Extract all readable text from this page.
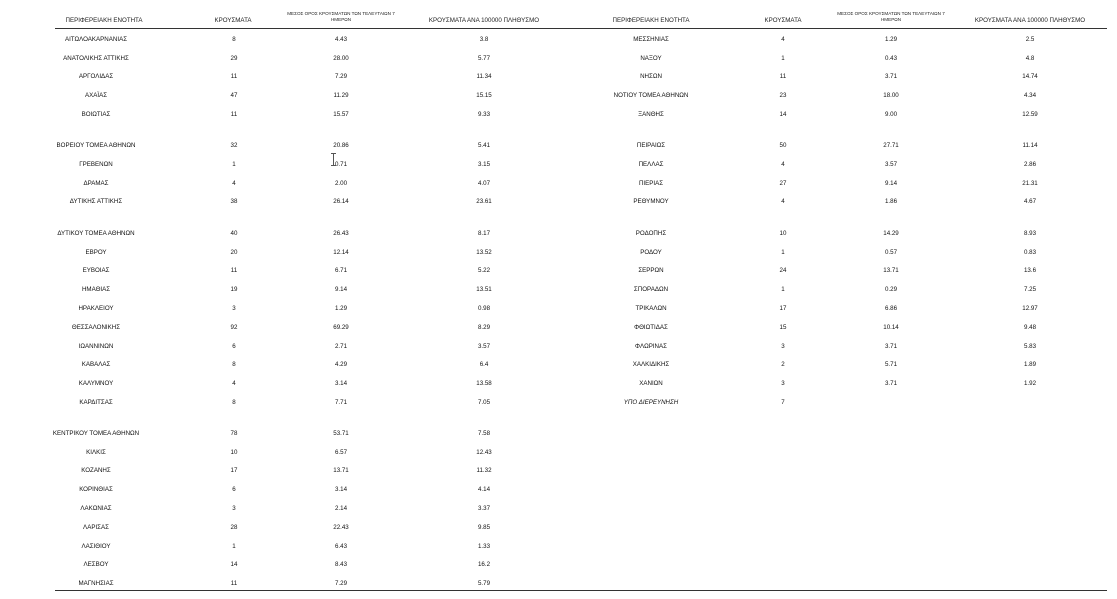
ΠΕΡΙΦΕΡΕΙΑΚΗ ΕΝΟΤΗΤΑ	ΚΡΟΥΣΜΑΤΑ
ΜΕΣΟΣ ΟΡΟΣ ΚΡΟΥΣΜΑΤΩΝ ΤΩΝ ΤΕΛΕΥΤΑΙΩΝ 7
ΗΜΕΡΩΝ	ΚΡΟΥΣΜΑΤΑ ΑΝΑ 100000 ΠΛΗΘΥΣΜΟ	ΠΕΡΙΦΕΡΕΙΑΚΗ ΕΝΟΤΗΤΑ	ΚΡΟΥΣΜΑΤΑ
ΜΕΣΟΣ ΟΡΟΣ ΚΡΟΥΣΜΑΤΩΝ ΤΩΝ ΤΕΛΕΥΤΑΙΩΝ 7
ΗΜΕΡΩΝ	ΚΡΟΥΣΜΑΤΑ ΑΝΑ 100000 ΠΛΗΘΥΣΜΟ
ΑΙΤΩΛΟΑΚΑΡΝΑΝΙΑΣ	8	4.43	3.8
ΑΝΑΤΟΛΙΚΗΣ ΑΤΤΙΚΗΣ	29	28.00	5.77
ΑΡΓΟΛΙΔΑΣ	11	7.29	11.34
ΑΧΑΪΑΣ	47	11.29	15.15
ΒΟΙΩΤΙΑΣ	11	15.57	9.33
ΒΟΡΕΙΟΥ ΤΟΜΕΑ ΑΘΗΝΩΝ	32	20.86	5.41
ΓΡΕΒΕΝΩΝ	1	0.71	3.15
ΔΡΑΜΑΣ	4	2.00	4.07
ΔΥΤΙΚΗΣ ΑΤΤΙΚΗΣ	38	26.14	23.61
ΔΥΤΙΚΟΥ ΤΟΜΕΑ ΑΘΗΝΩΝ	40	26.43	8.17
ΕΒΡΟΥ	20	12.14	13.52
ΕΥΒΟΙΑΣ	11	6.71	5.22
ΗΜΑΘΙΑΣ	19	9.14	13.51
ΗΡΑΚΛΕΙΟΥ	3	1.29	0.98
ΘΕΣΣΑΛΟΝΙΚΗΣ	92	69.29	8.29
ΙΩΑΝΝΙΝΩΝ	6	2.71	3.57
ΚΑΒΑΛΑΣ	8	4.29	6.4
ΚΑΛΥΜΝΟΥ	4	3.14	13.58
ΚΑΡΔΙΤΣΑΣ	8	7.71	7.05
ΚΕΝΤΡΙΚΟΥ ΤΟΜΕΑ ΑΘΗΝΩΝ	78	53.71	7.58
ΚΙΛΚΙΣ	10	6.57	12.43
ΚΟΖΑΝΗΣ	17	13.71	11.32
ΚΟΡΙΝΘΙΑΣ	6	3.14	4.14
ΛΑΚΩΝΙΑΣ	3	2.14	3.37
ΛΑΡΙΣΑΣ	28	22.43	9.85
ΛΑΣΙΘΙΟΥ	1	6.43	1.33
ΛΕΣΒΟΥ	14	8.43	16.2
ΜΑΓΝΗΣΙΑΣ	11	7.29	5.79
ΜΕΣΣΗΝΙΑΣ	4	1.29	2.5
ΝΑΞΟΥ	1	0.43	4.8
ΝΗΣΩΝ	11	3.71	14.74
ΝΟΤΙΟΥ ΤΟΜΕΑ ΑΘΗΝΩΝ	23	18.00	4.34
ΞΑΝΘΗΣ	14	9.00	12.59
ΠΕΙΡΑΙΩΣ	50	27.71	11.14
ΠΕΛΛΑΣ	4	3.57	2.86
ΠΙΕΡΙΑΣ	27	9.14	21.31
ΡΕΘΥΜΝΟΥ	4	1.86	4.67
ΡΟΔΟΠΗΣ	10	14.29	8.93
ΡΟΔΟΥ	1	0.57	0.83
ΣΕΡΡΩΝ	24	13.71	13.6
ΣΠΟΡΑΔΩΝ	1	0.29	7.25
ΤΡΙΚΑΛΩΝ	17	6.86	12.97
ΦΘΙΩΤΙΔΑΣ	15	10.14	9.48
ΦΛΩΡΙΝΑΣ	3	3.71	5.83
ΧΑΛΚΙΔΙΚΗΣ	2	5.71	1.89
ΧΑΝΙΩΝ	3	3.71	1.92
ΥΠΟ ΔΙΕΡΕΥΝΗΣΗ	7
